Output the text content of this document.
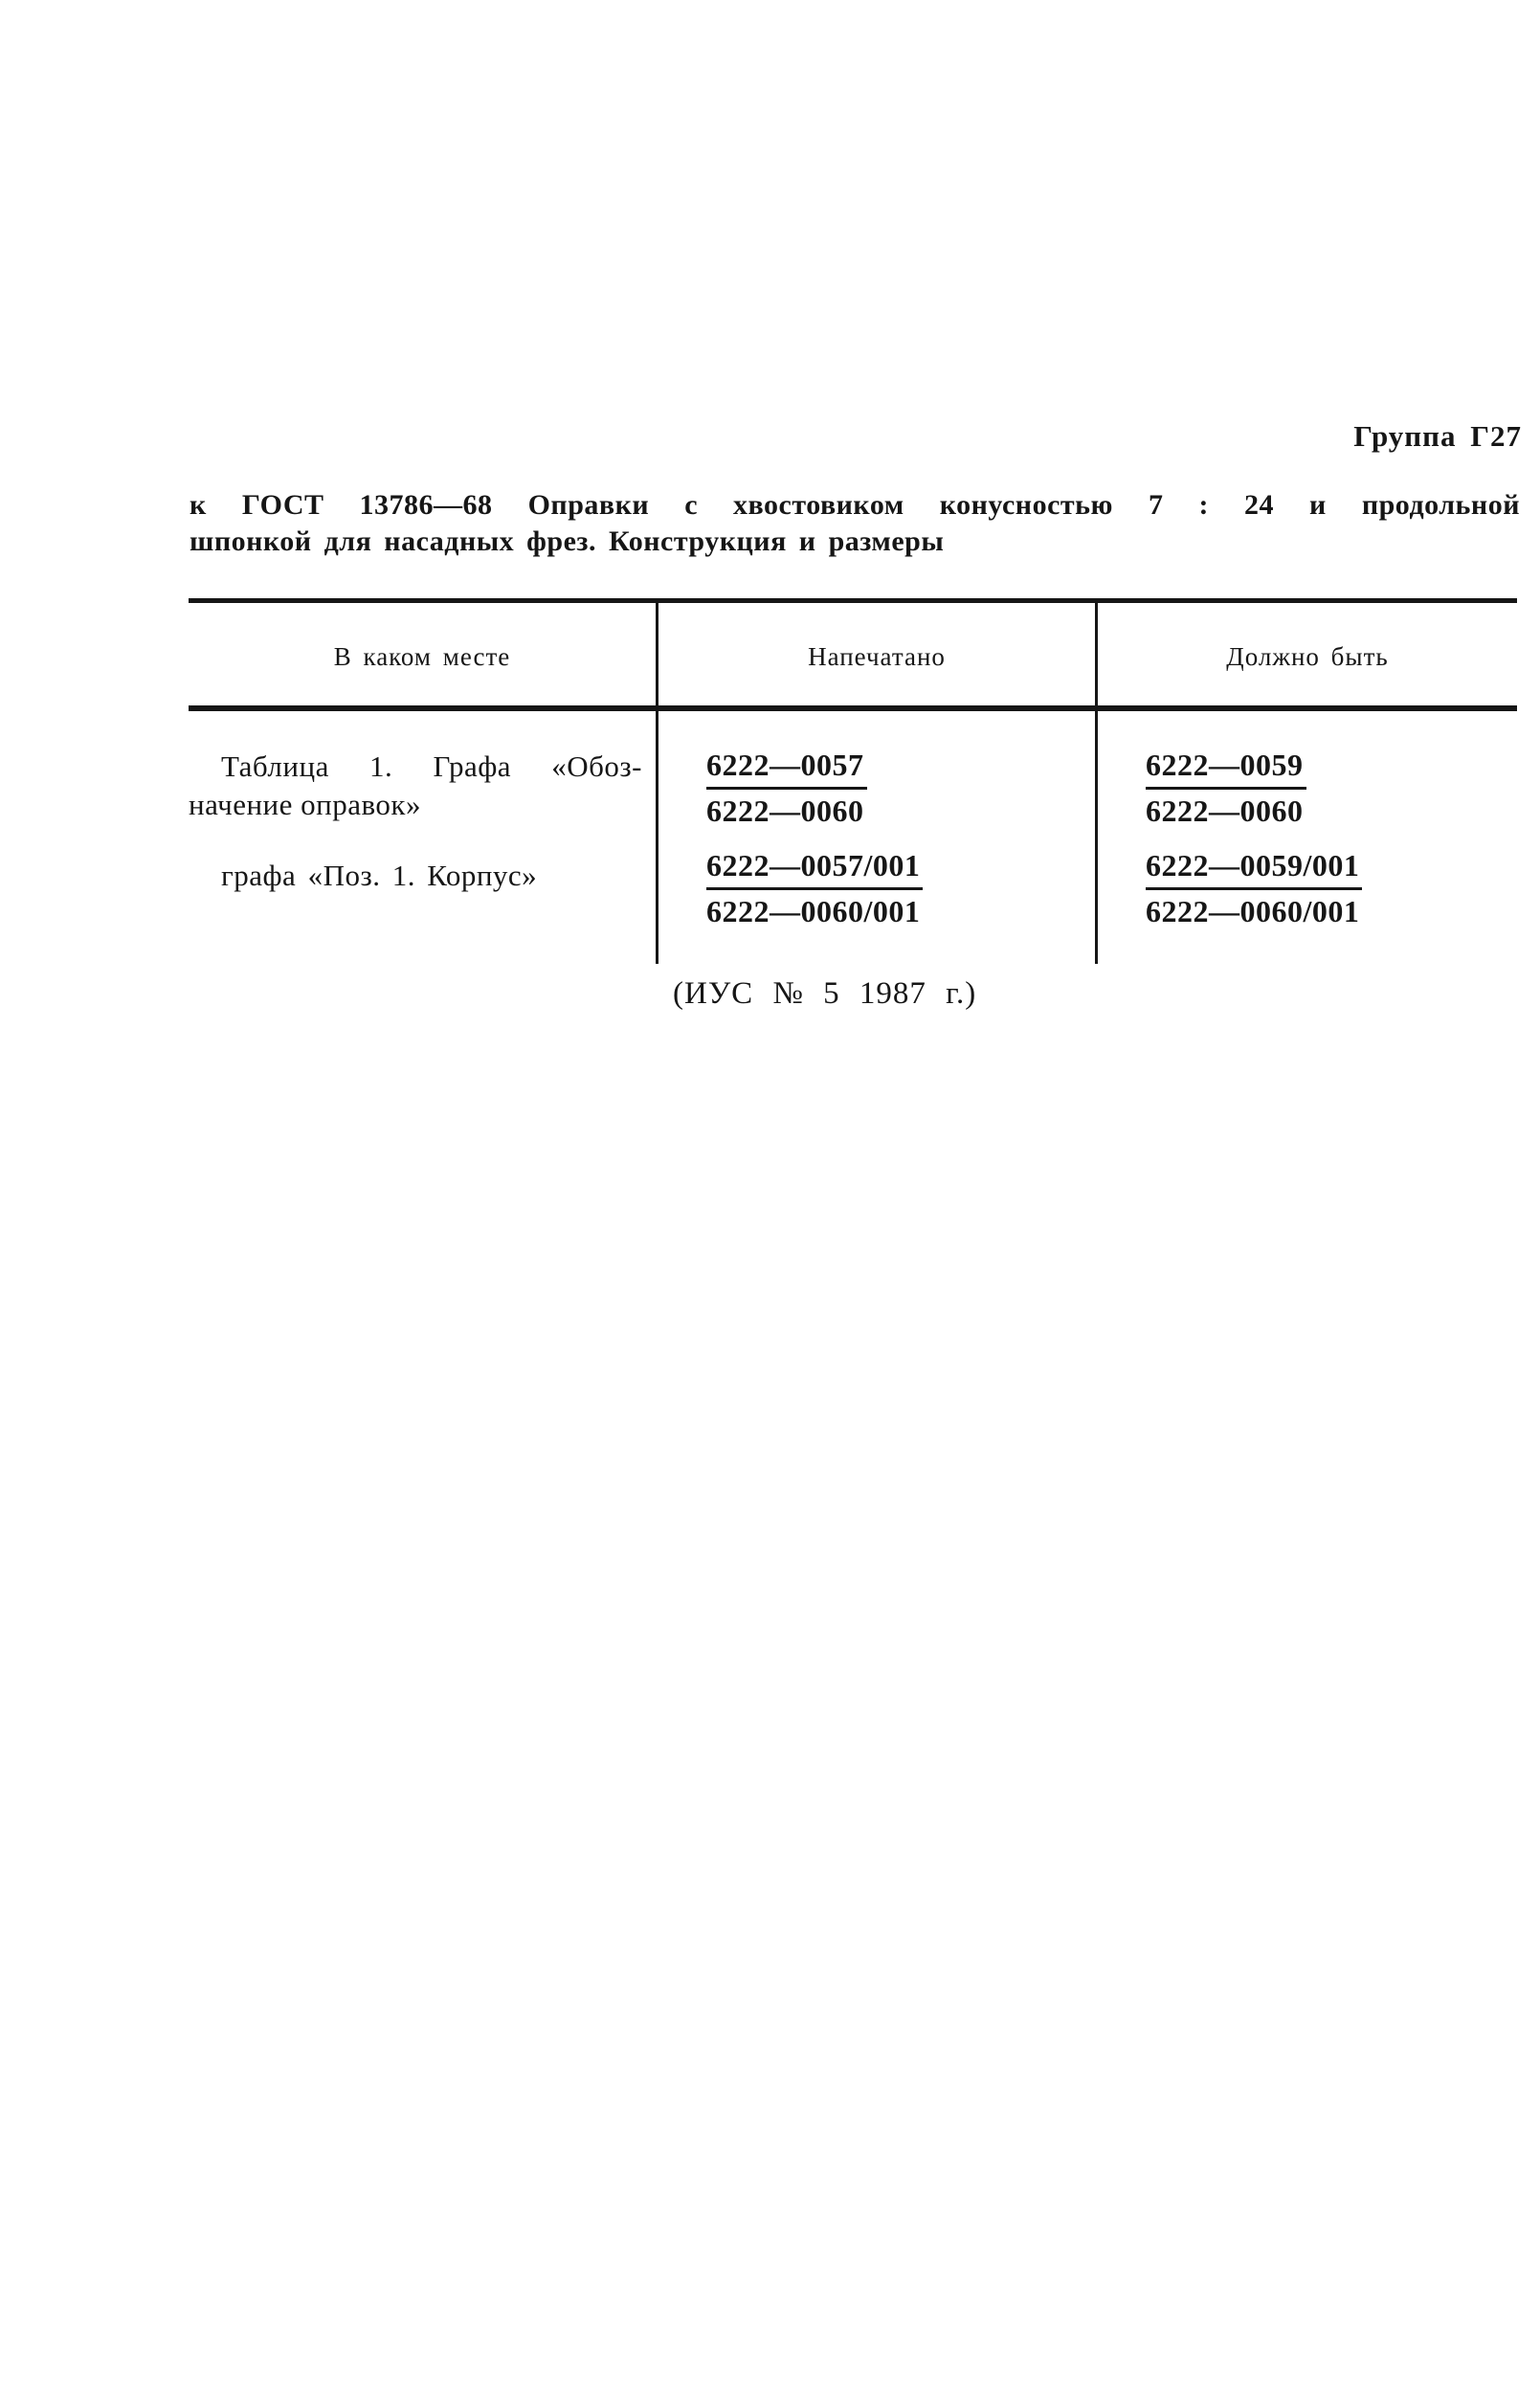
Группа Г27
к ГОСТ 13786—68 Оправки с хвостовиком конусностью 7 : 24 и продольной
шпонкой для насадных фрез. Конструкция и размеры
В каком месте	Напечатано	Должно быть
Таблица 1. Графа «Обоз-
начение оправок»	$\frac{6222—0057}{6222—0060}$	$\frac{6222—0059}{6222—0060}$
графа «Поз. 1. Корпус»	$\frac{6222—0057/001}{6222—0060/001}$	$\frac{6222—0059/001}{6222—0060/001}$
(ИУС № 5 1987 г.)
